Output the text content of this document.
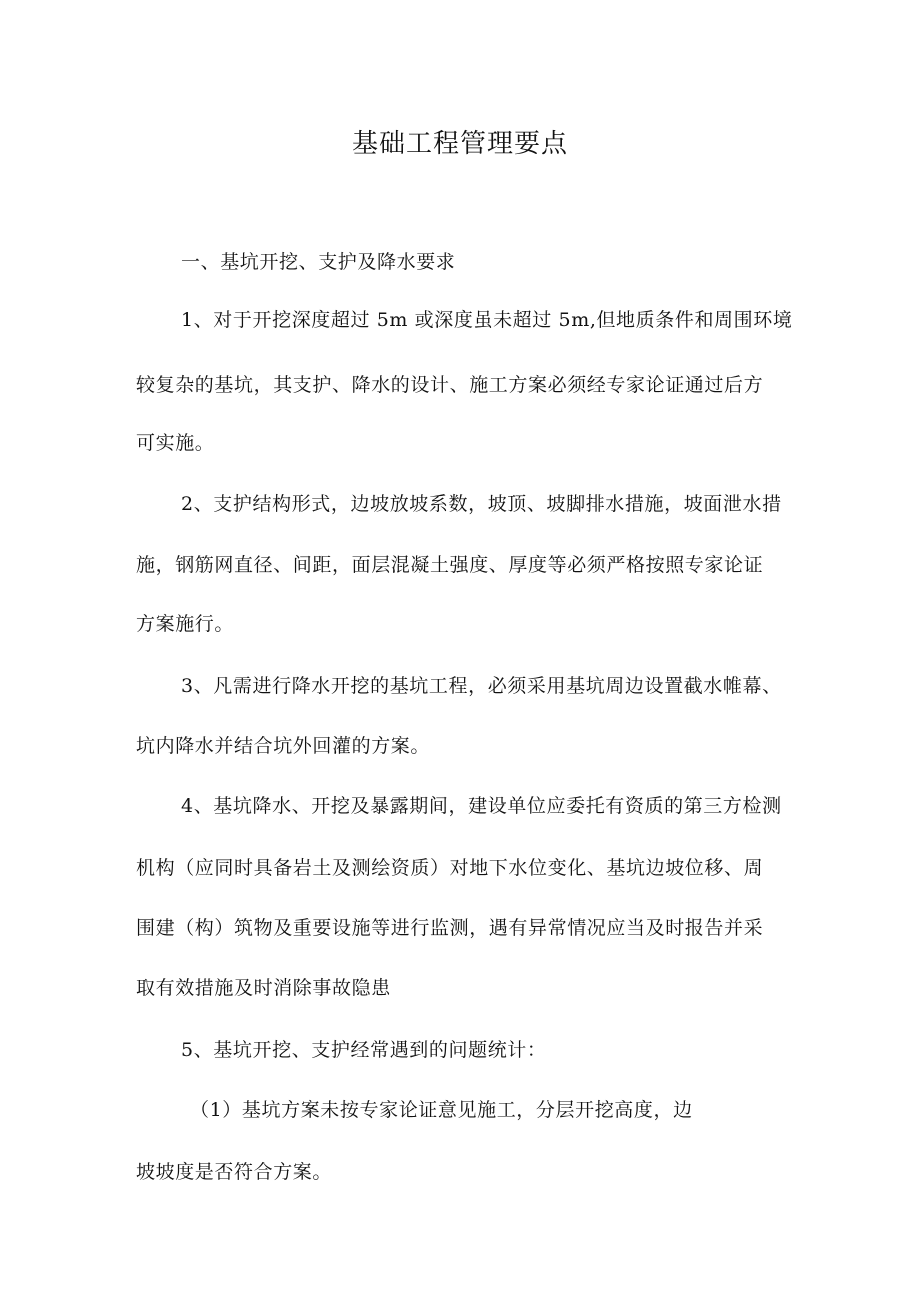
基础工程管理要点
一、基坑开挖、支护及降水要求
1、对于开挖深度超过 5m 或深度虽未超过 5m,但地质条件和周围环境
较复杂的基坑，其支护、降水的设计、施工方案必须经专家论证通过后方
可实施。
2、支护结构形式，边坡放坡系数，坡顶、坡脚排水措施，坡面泄水措
施，钢筋网直径、间距，面层混凝土强度、厚度等必须严格按照专家论证
方案施行。
3、凡需进行降水开挖的基坑工程，必须采用基坑周边设置截水帷幕、
坑内降水并结合坑外回灌的方案。
4、基坑降水、开挖及暴露期间，建设单位应委托有资质的第三方检测
机构（应同时具备岩土及测绘资质）对地下水位变化、基坑边坡位移、周
围建（构）筑物及重要设施等进行监测，遇有异常情况应当及时报告并采
取有效措施及时消除事故隐患
5、基坑开挖、支护经常遇到的问题统计：
（1）基坑方案未按专家论证意见施工，分层开挖高度，边
坡坡度是否符合方案。
